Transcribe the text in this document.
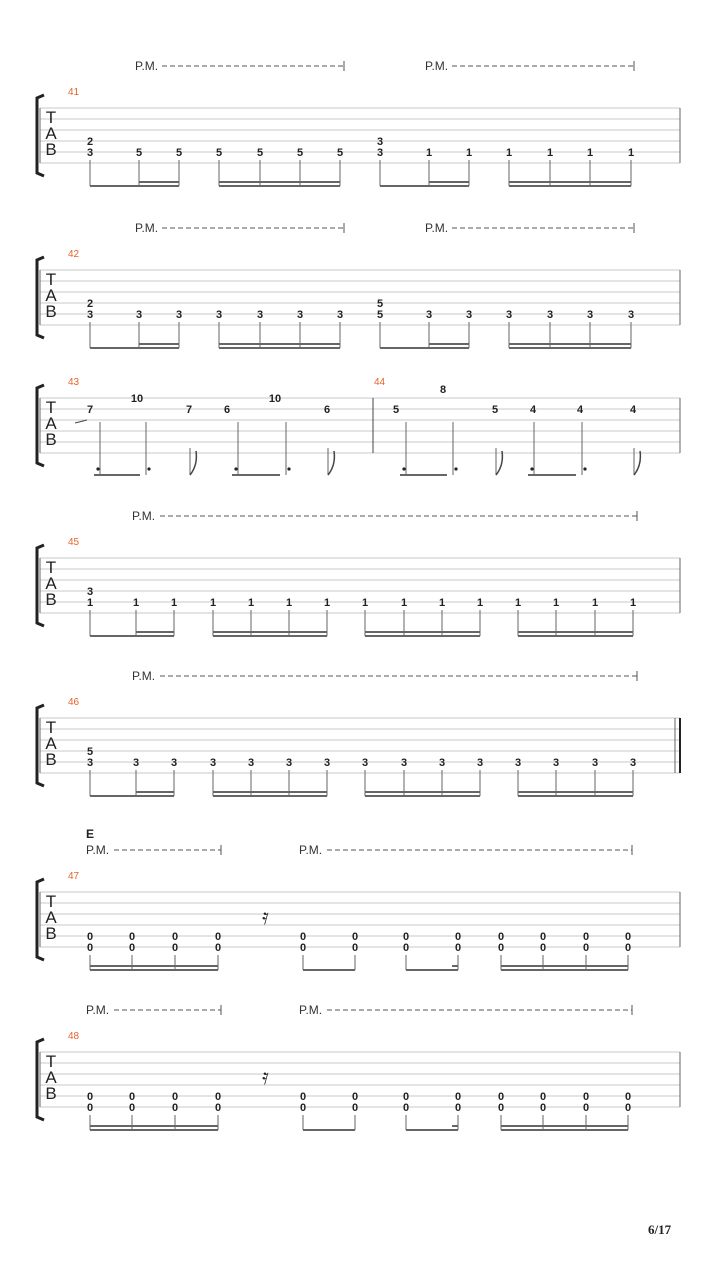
T
A
B
41
P.M.	P.M.
2
3	5	5	5	5	5	5
3
3	1	1	1	1	1	1
T
A
B
42
P.M.	P.M.
2
3	3	3	3	3	3	3
5
5	3	3	3	3	3	3
T
A
B
43	44
7
10
7	6
10
6	5
8
5	4	4	4
T
A
B
45
P.M.
3
1	1	1	1	1	1	1	1	1	1	1	1	1	1	1
T
A
B
46
P.M.
5
3	3	3	3	3	3	3	3	3	3	3	3	3	3	3
T
A
B
47
E
P.M.	P.M.
0
0
0
0
0
0
0
0
0
0
0
0
0
0
0
0
0
0
0
0
0
0
0
0
𝄿
T
A
B
48
P.M.	P.M.
0
0
0
0
0
0
0
0
0
0
0
0
0
0
0
0
0
0
0
0
0
0
0
0
𝄿
6/17
